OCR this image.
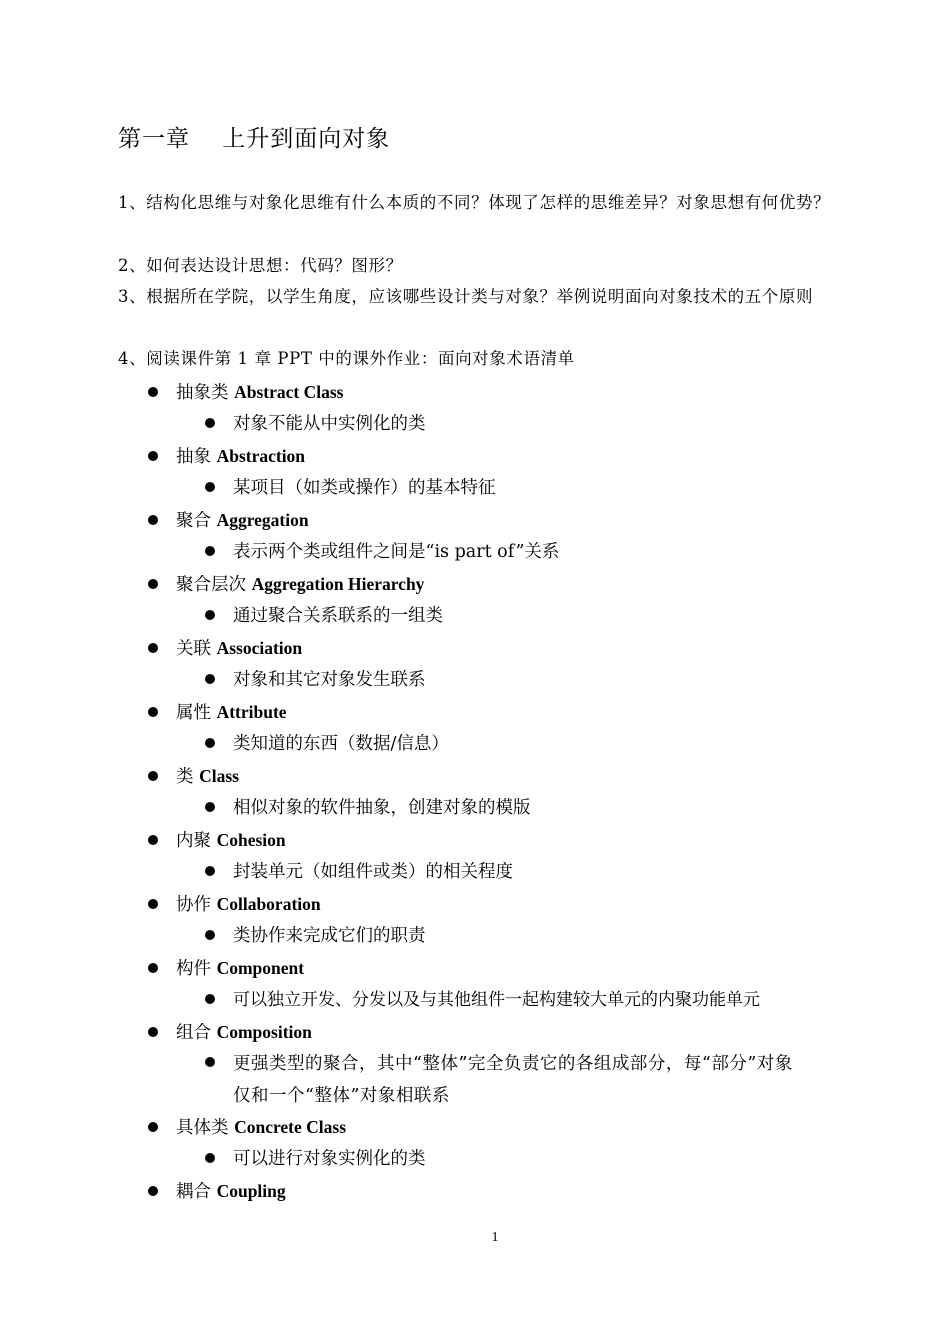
第一章　 上升到面向对象

1、结构化思维与对象化思维有什么本质的不同？体现了怎样的思维差异？对象思想有何优势？

2、如何表达设计思想：代码？图形？

3、根据所在学院，以学生角度，应该哪些设计类与对象？举例说明面向对象技术的五个原则

4、阅读课件第 1 章 PPT 中的课外作业：面向对象术语清单

抽象类 Abstract Class
对象不能从中实例化的类
抽象 Abstraction
某项目（如类或操作）的基本特征
聚合 Aggregation
表示两个类或组件之间是“is part of”关系
聚合层次 Aggregation Hierarchy
通过聚合关系联系的一组类
关联 Association
对象和其它对象发生联系
属性 Attribute
类知道的东西（数据/信息）
类 Class
相似对象的软件抽象，创建对象的模版
内聚 Cohesion
封装单元（如组件或类）的相关程度
协作 Collaboration
类协作来完成它们的职责
构件 Component
可以独立开发、分发以及与其他组件一起构建较大单元的内聚功能单元
组合 Composition
更强类型的聚合，其中“整体”完全负责它的各组成部分，每“部分”对象仅和一个“整体”对象相联系
具体类 Concrete Class
可以进行对象实例化的类
耦合 Coupling
1
